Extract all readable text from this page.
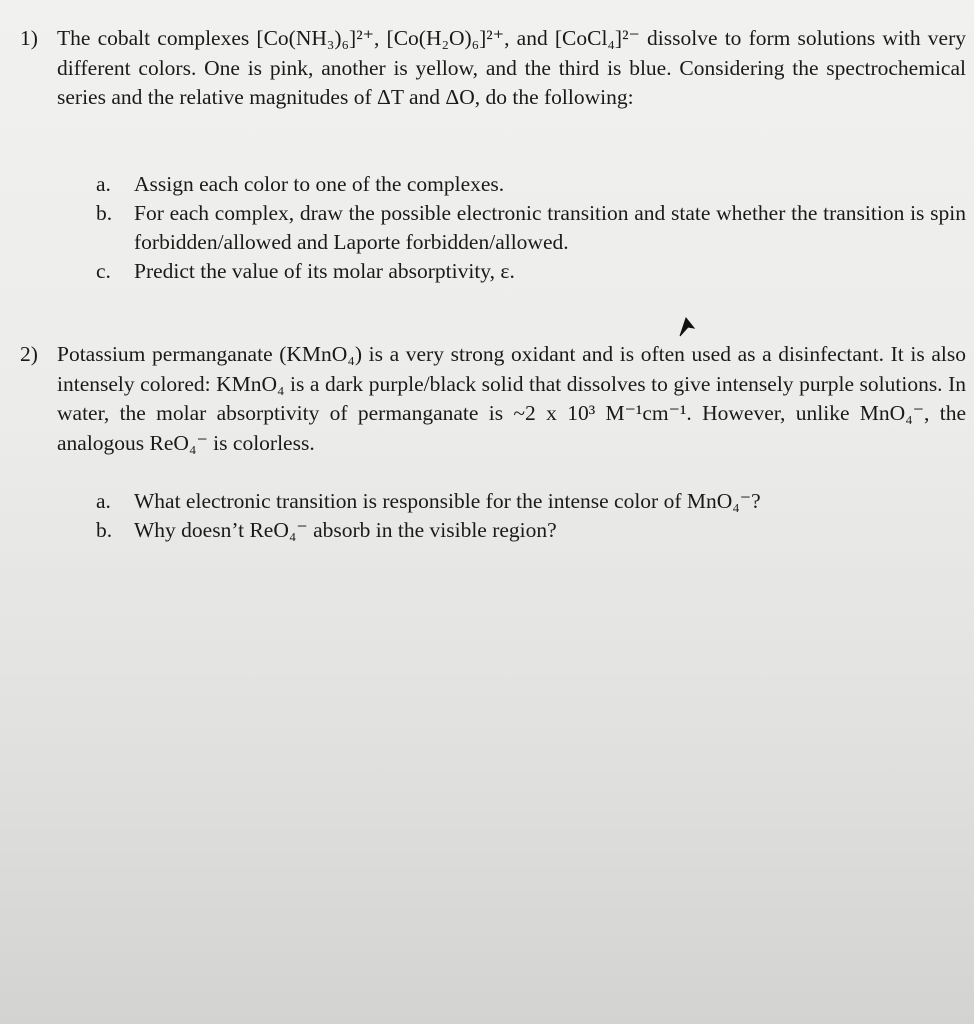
1) The cobalt complexes [Co(NH₃)₆]²⁺, [Co(H₂O)₆]²⁺, and [CoCl₄]²⁻ dissolve to form solutions with very different colors. One is pink, another is yellow, and the third is blue. Considering the spectrochemical series and the relative magnitudes of ΔT and ΔO, do the following:
a. Assign each color to one of the complexes.
b. For each complex, draw the possible electronic transition and state whether the transition is spin forbidden/allowed and Laporte forbidden/allowed.
c. Predict the value of its molar absorptivity, ε.
2) Potassium permanganate (KMnO₄) is a very strong oxidant and is often used as a disinfectant. It is also intensely colored: KMnO₄ is a dark purple/black solid that dissolves to give intensely purple solutions. In water, the molar absorptivity of permanganate is ~2 x 10³ M⁻¹cm⁻¹. However, unlike MnO₄⁻, the analogous ReO₄⁻ is colorless.
a. What electronic transition is responsible for the intense color of MnO₄⁻?
b. Why doesn’t ReO₄⁻ absorb in the visible region?
